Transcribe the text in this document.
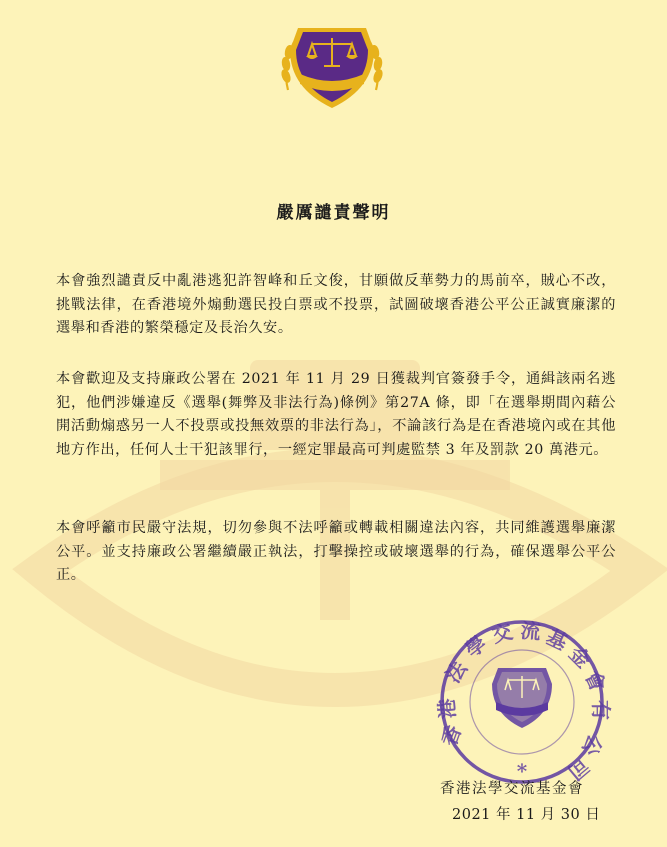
嚴厲譴責聲明

本會強烈譴責反中亂港逃犯許智峰和丘文俊，甘願做反華勢力的馬前卒，賊心不改，挑戰法律，在香港境外煽動選民投白票或不投票，試圖破壞香港公平公正誠實廉潔的選舉和香港的繁榮穩定及長治久安。

本會歡迎及支持廉政公署在 2021 年 11 月 29 日獲裁判官簽發手令，通緝該兩名逃犯，他們涉嫌違反《選舉(舞弊及非法行為)條例》第27A 條，即「在選舉期間內藉公開活動煽惑另一人不投票或投無效票的非法行為」，不論該行為是在香港境內或在其他地方作出，任何人士干犯該罪行，一經定罪最高可判處監禁 3 年及罰款 20 萬港元。

本會呼籲市民嚴守法規，切勿參與不法呼籲或轉載相關違法內容，共同維護選舉廉潔公平。並支持廉政公署繼續嚴正執法，打擊操控或破壞選舉的行為，確保選舉公平公正。

香
港
法
學
交 流 基
金
會
有
公
司
*
香港法學交流基金會
2021 年 11 月 30 日
